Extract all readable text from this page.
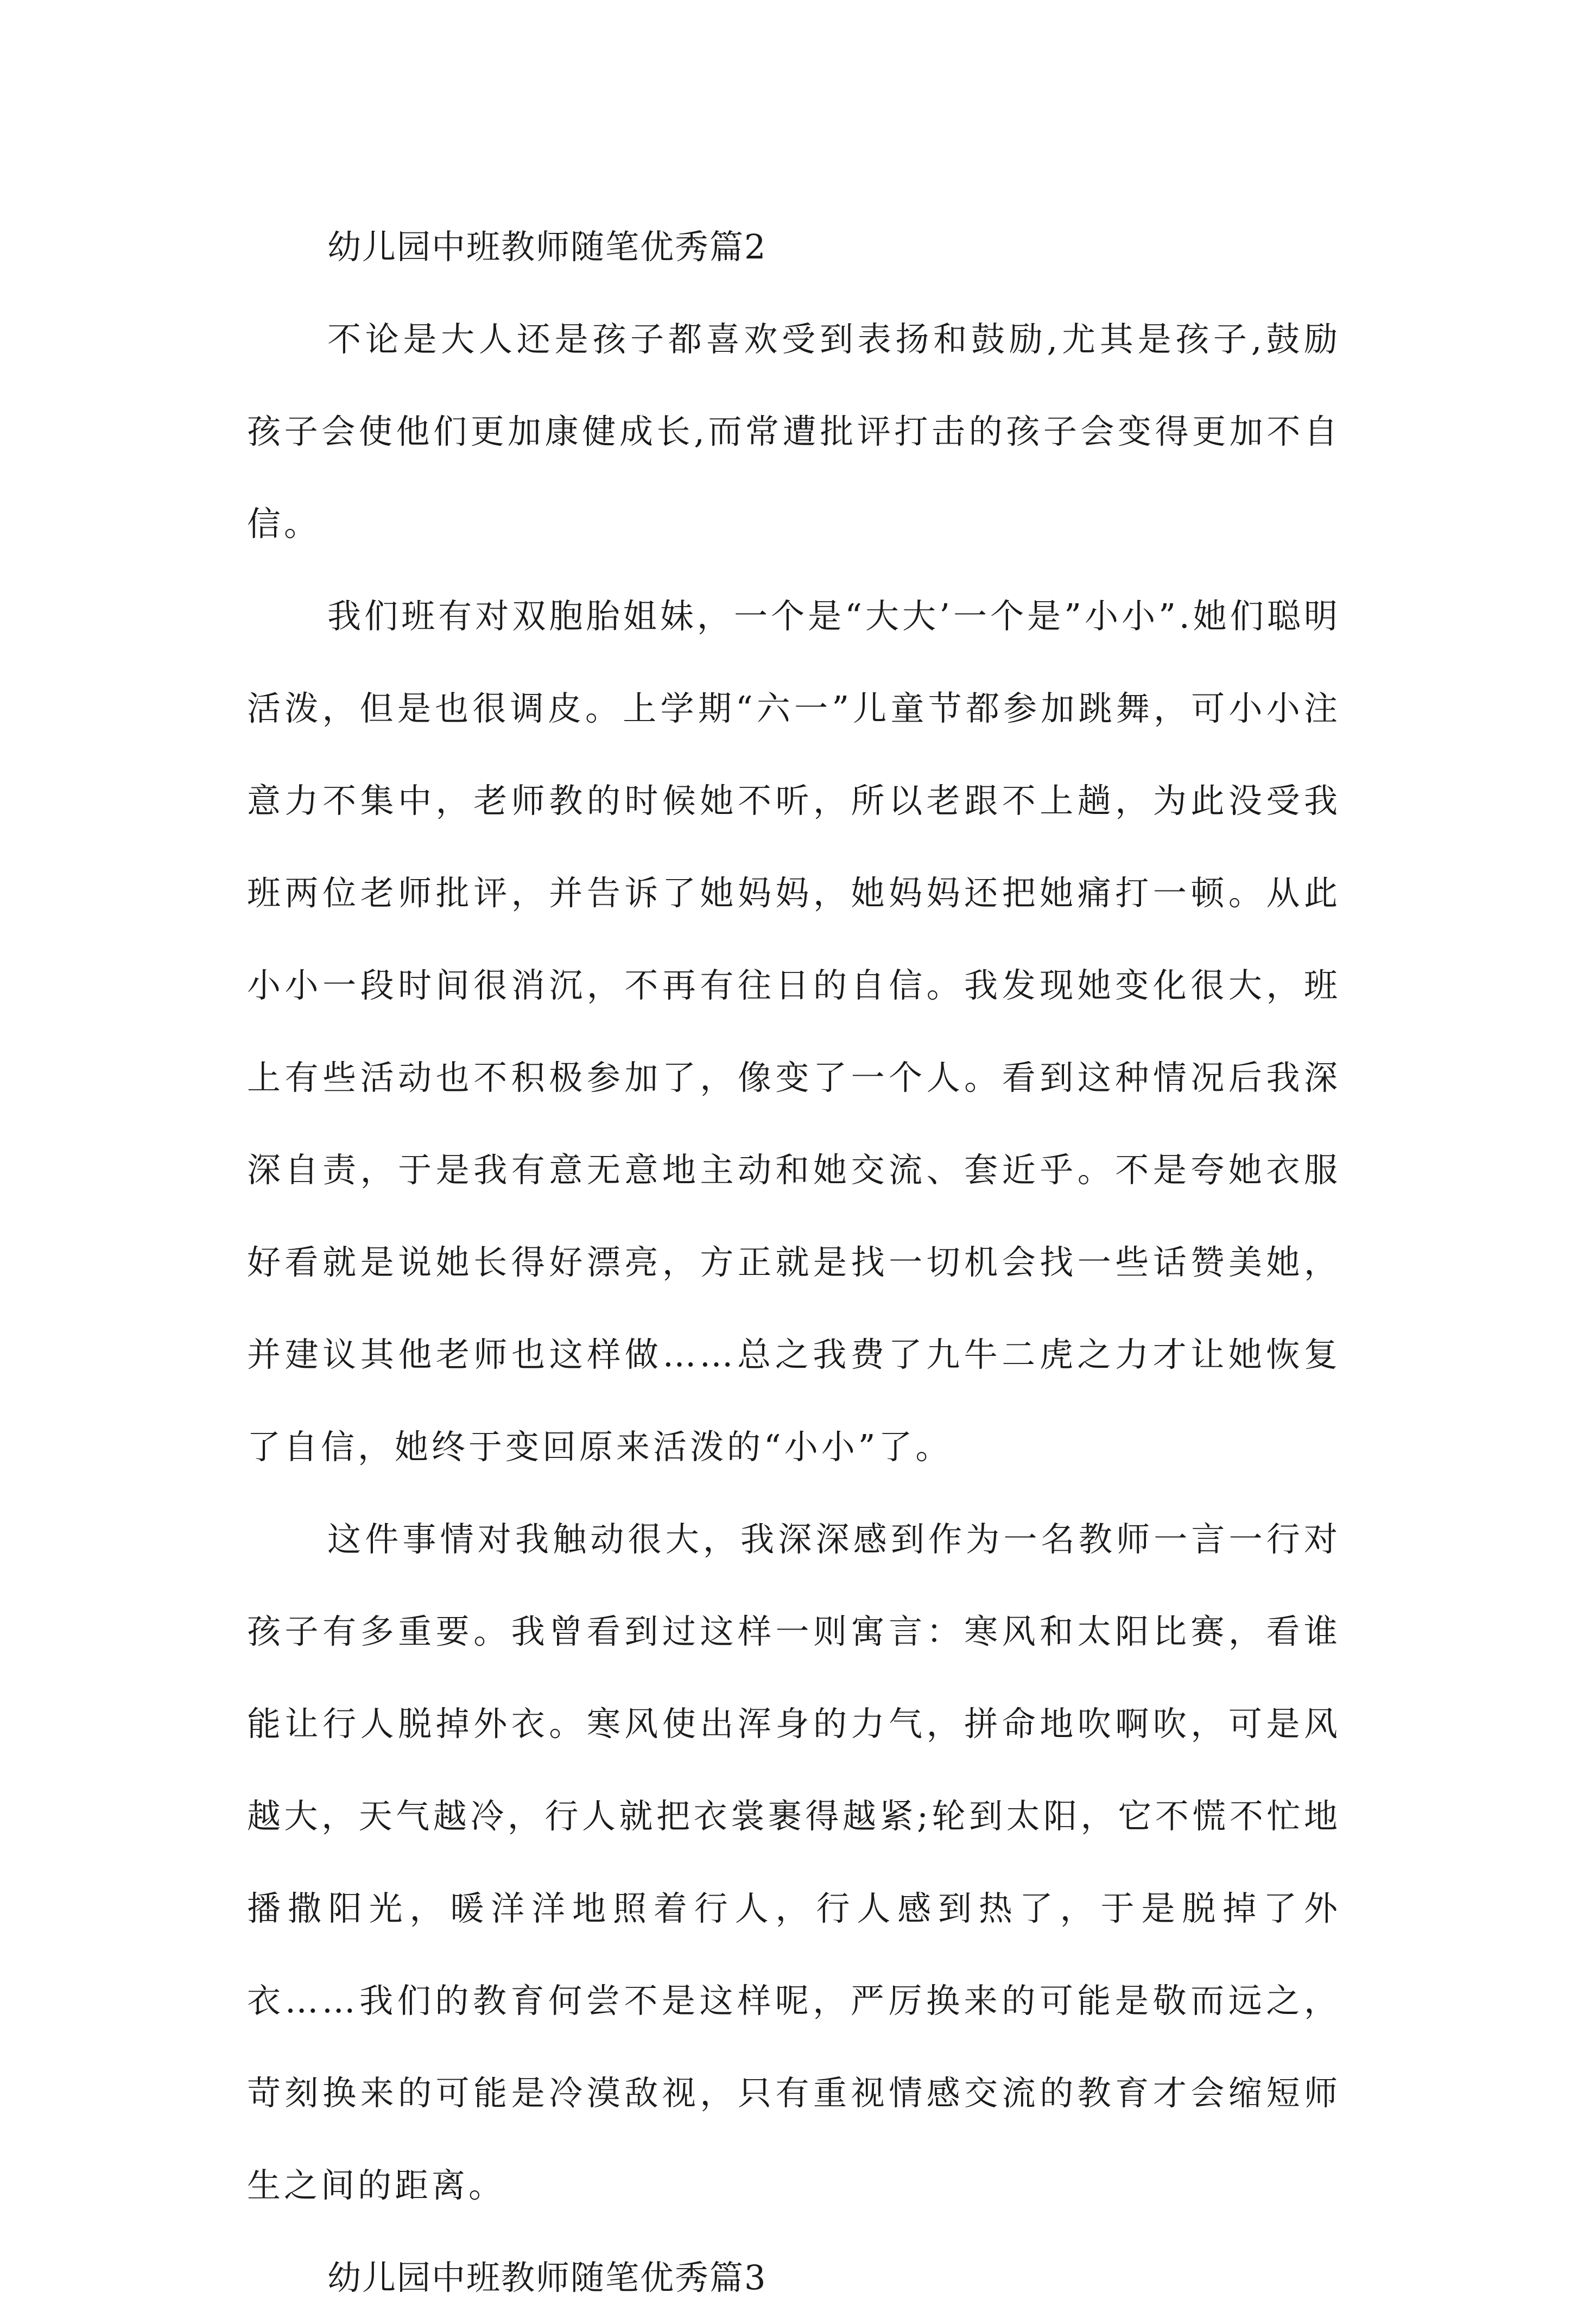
幼儿园中班教师随笔优秀篇2

不论是大人还是孩子都喜欢受到表扬和鼓励,尤其是孩子,鼓励孩子会使他们更加康健成长,而常遭批评打击的孩子会变得更加不自信。

我们班有对双胞胎姐妹，一个是“大大’一个是”小小”.她们聪明活泼，但是也很调皮。上学期“六一”儿童节都参加跳舞，可小小注意力不集中，老师教的时候她不听，所以老跟不上趟，为此没受我班两位老师批评，并告诉了她妈妈，她妈妈还把她痛打一顿。从此小小一段时间很消沉，不再有往日的自信。我发现她变化很大，班上有些活动也不积极参加了，像变了一个人。看到这种情况后我深深自责，于是我有意无意地主动和她交流、套近乎。不是夸她衣服好看就是说她长得好漂亮，方正就是找一切机会找一些话赞美她，并建议其他老师也这样做……总之我费了九牛二虎之力才让她恢复了自信，她终于变回原来活泼的“小小”了。

这件事情对我触动很大，我深深感到作为一名教师一言一行对孩子有多重要。我曾看到过这样一则寓言：寒风和太阳比赛，看谁能让行人脱掉外衣。寒风使出浑身的力气，拼命地吹啊吹，可是风越大，天气越冷，行人就把衣裳裹得越紧;轮到太阳，它不慌不忙地播撒阳光，暖洋洋地照着行人，行人感到热了，于是脱掉了外衣……我们的教育何尝不是这样呢，严厉换来的可能是敬而远之，苛刻换来的可能是冷漠敌视，只有重视情感交流的教育才会缩短师生之间的距离。

幼儿园中班教师随笔优秀篇3
